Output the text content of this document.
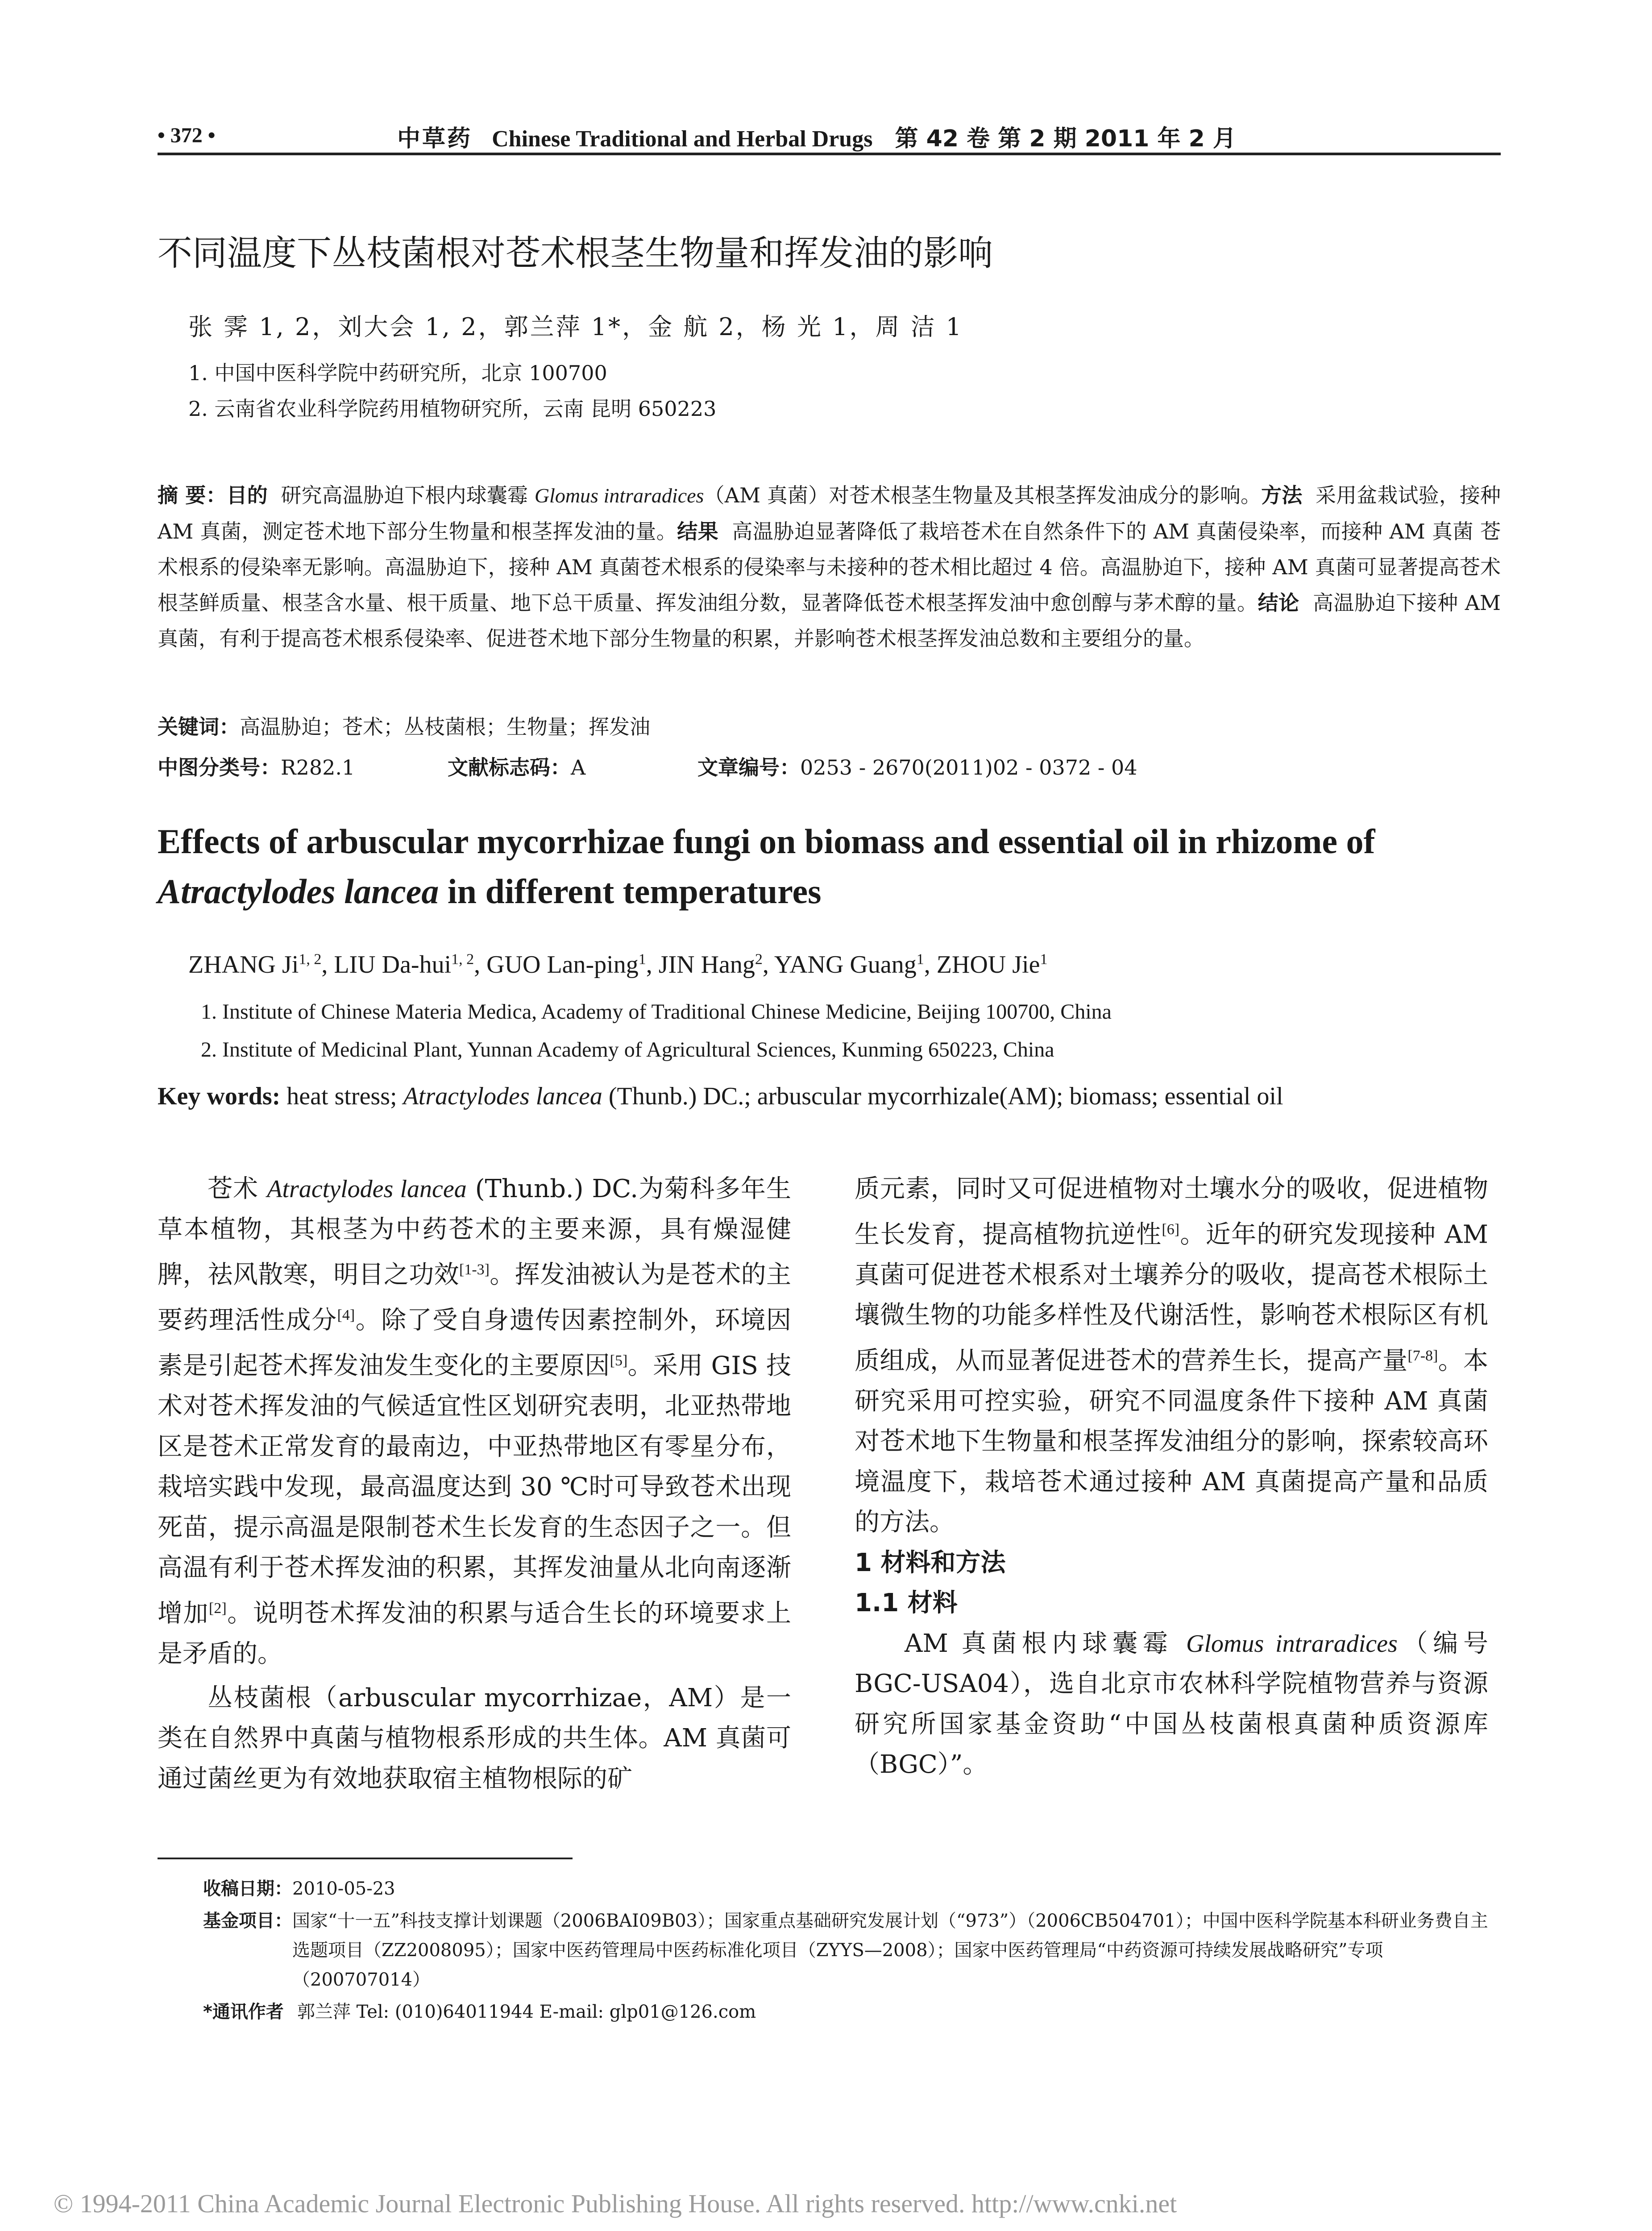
• 372 •	中草药 Chinese Traditional and Herbal Drugs 第 42 卷 第 2 期 2011 年 2 月
不同温度下丛枝菌根对苍术根茎生物量和挥发油的影响
张 霁 1, 2，刘大会 1, 2，郭兰萍 1*，金 航 2，杨 光 1，周 洁 1
1. 中国中医科学院中药研究所，北京 100700
2. 云南省农业科学院药用植物研究所，云南 昆明 650223
摘 要：目的 研究高温胁迫下根内球囊霉 Glomus intraradices（AM 真菌）对苍术根茎生物量及其根茎挥发油成分的影响。方法 采用盆栽试验，接种 AM 真菌，测定苍术地下部分生物量和根茎挥发油的量。结果 高温胁迫显著降低了栽培苍术在自然条件下的 AM 真菌侵染率，而接种 AM 真菌 苍术根系的侵染率无影响。高温胁迫下，接种 AM 真菌苍术根系的侵染率与未接种的苍术相比超过 4 倍。高温胁迫下，接种 AM 真菌可显著提高苍术根茎鲜质量、根茎含水量、根干质量、地下总干质量、挥发油组分数，显著降低苍术根茎挥发油中愈创醇与茅术醇的量。结论 高温胁迫下接种 AM 真菌，有利于提高苍术根系侵染率、促进苍术地下部分生物量的积累，并影响苍术根茎挥发油总数和主要组分的量。
关键词：高温胁迫；苍术；丛枝菌根；生物量；挥发油
中图分类号：R282.1	文献标志码：A	文章编号：0253 - 2670(2011)02 - 0372 - 04
Effects of arbuscular mycorrhizae fungi on biomass and essential oil in rhizome of Atractylodes lancea in different temperatures
ZHANG Ji$^{1, 2}$, LIU Da-hui$^{1, 2}$, GUO Lan-ping$^1$, JIN Hang$^2$, YANG Guang$^1$, ZHOU Jie$^1$
1. Institute of Chinese Materia Medica, Academy of Traditional Chinese Medicine, Beijing 100700, China
2. Institute of Medicinal Plant, Yunnan Academy of Agricultural Sciences, Kunming 650223, China
Key words: heat stress; Atractylodes lancea (Thunb.) DC.; arbuscular mycorrhizale(AM); biomass; essential oil

苍术 Atractylodes lancea (Thunb.) DC.为菊科多年生草本植物，其根茎为中药苍术的主要来源，具有燥湿健脾，祛风散寒，明目之功效[1-3]。挥发油被认为是苍术的主要药理活性成分[4]。除了受自身遗传因素控制外，环境因素是引起苍术挥发油发生变化的主要原因[5]。采用 GIS 技术对苍术挥发油的气候适宜性区划研究表明，北亚热带地区是苍术正常发育的最南边，中亚热带地区有零星分布，栽培实践中发现，最高温度达到 30 ℃时可导致苍术出现死苗，提示高温是限制苍术生长发育的生态因子之一。但高温有利于苍术挥发油的积累，其挥发油量从北向南逐渐增加[2]。说明苍术挥发油的积累与适合生长的环境要求上是矛盾的。

丛枝菌根（arbuscular mycorrhizae，AM）是一类在自然界中真菌与植物根系形成的共生体。AM 真菌可通过菌丝更为有效地获取宿主植物根际的矿

质元素，同时又可促进植物对土壤水分的吸收，促进植物生长发育，提高植物抗逆性[6]。近年的研究发现接种 AM 真菌可促进苍术根系对土壤养分的吸收，提高苍术根际土壤微生物的功能多样性及代谢活性，影响苍术根际区有机质组成，从而显著促进苍术的营养生长，提高产量[7-8]。本研究采用可控实验，研究不同温度条件下接种 AM 真菌对苍术地下生物量和根茎挥发油组分的影响，探索较高环境温度下，栽培苍术通过接种 AM 真菌提高产量和品质的方法。

1 材料和方法

1.1 材料

AM 真菌根内球囊霉 Glomus intraradices（编号 BGC-USA04），选自北京市农林科学院植物营养与资源研究所国家基金资助“中国丛枝菌根真菌种质资源库（BGC）”。

收稿日期： 2010-05-23
基金项目： 国家“十一五”科技支撑计划课题（2006BAI09B03）；国家重点基础研究发展计划（“973”）（2006CB504701）；中国中医科学院基本科研业务费自主选题项目（ZZ2008095）；国家中医药管理局中医药标准化项目（ZYYS—2008）；国家中医药管理局“中药资源可持续发展战略研究”专项（200707014）
*通讯作者 郭兰萍 Tel: (010)64011944 E-mail: glp01@126.com
© 1994-2011 China Academic Journal Electronic Publishing House. All rights reserved. http://www.cnki.net
